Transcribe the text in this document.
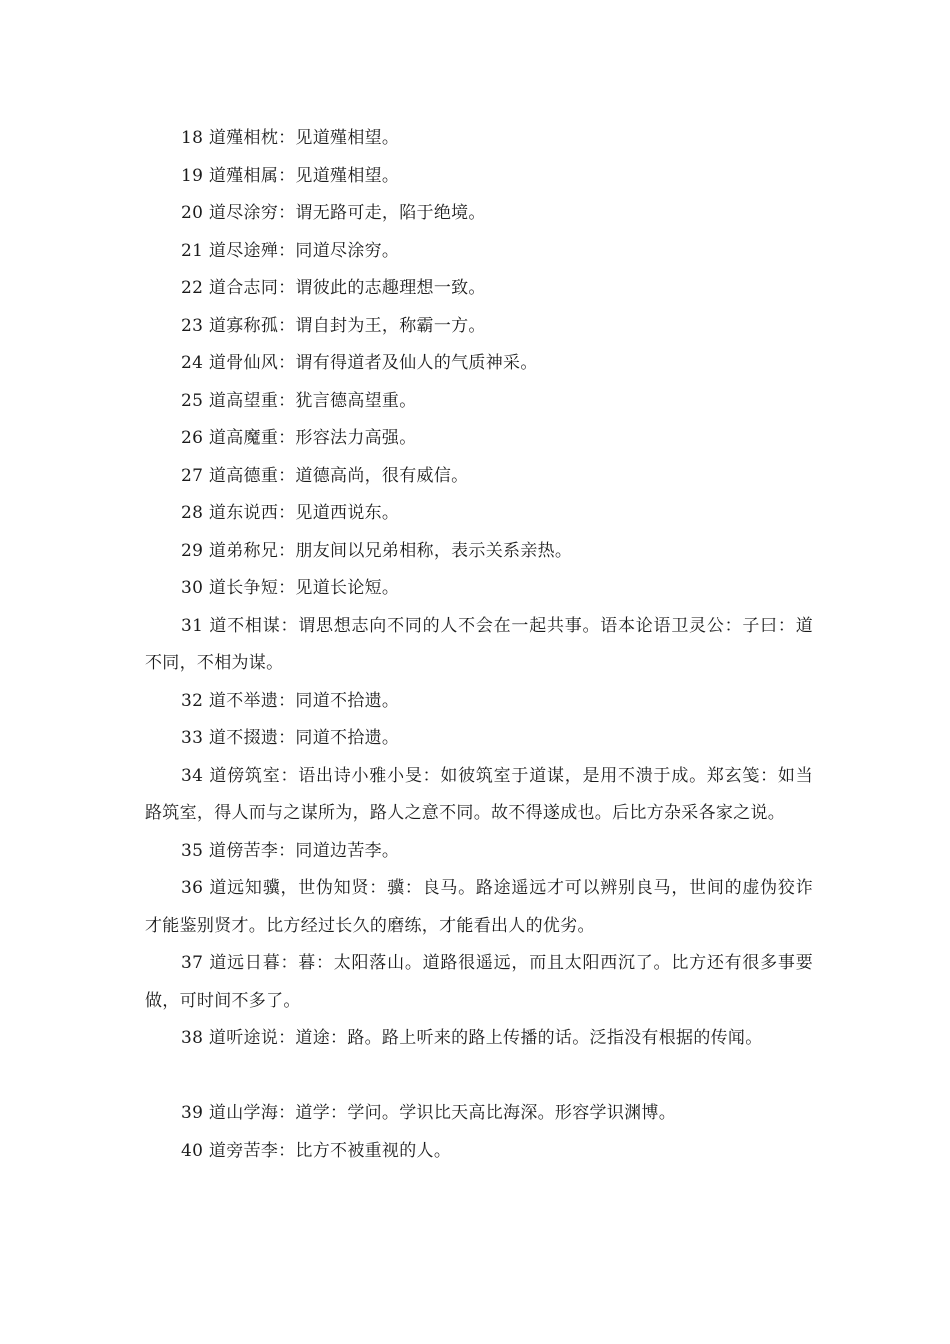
18 道殣相枕：见道殣相望。

19 道殣相属：见道殣相望。

20 道尽涂穷：谓无路可走，陷于绝境。

21 道尽途殚：同道尽涂穷。

22 道合志同：谓彼此的志趣理想一致。

23 道寡称孤：谓自封为王，称霸一方。

24 道骨仙风：谓有得道者及仙人的气质神采。

25 道高望重：犹言德高望重。

26 道高魔重：形容法力高强。

27 道高德重：道德高尚，很有威信。

28 道东说西：见道西说东。

29 道弟称兄：朋友间以兄弟相称，表示关系亲热。

30 道长争短：见道长论短。

31 道不相谋：谓思想志向不同的人不会在一起共事。语本论语卫灵公：子曰：道不同，不相为谋。

32 道不举遗：同道不拾遗。

33 道不掇遗：同道不拾遗。

34 道傍筑室：语出诗小雅小旻：如彼筑室于道谋，是用不溃于成。郑玄笺：如当路筑室，得人而与之谋所为，路人之意不同。故不得遂成也。后比方杂采各家之说。

35 道傍苦李：同道边苦李。

36 道远知骥，世伪知贤：骥：良马。路途遥远才可以辨别良马，世间的虚伪狡诈才能鉴别贤才。比方经过长久的磨练，才能看出人的优劣。

37 道远日暮：暮：太阳落山。道路很遥远，而且太阳西沉了。比方还有很多事要做，可时间不多了。

38 道听途说：道途：路。路上听来的路上传播的话。泛指没有根据的传闻。

39 道山学海：道学：学问。学识比天高比海深。形容学识渊博。

40 道旁苦李：比方不被重视的人。
